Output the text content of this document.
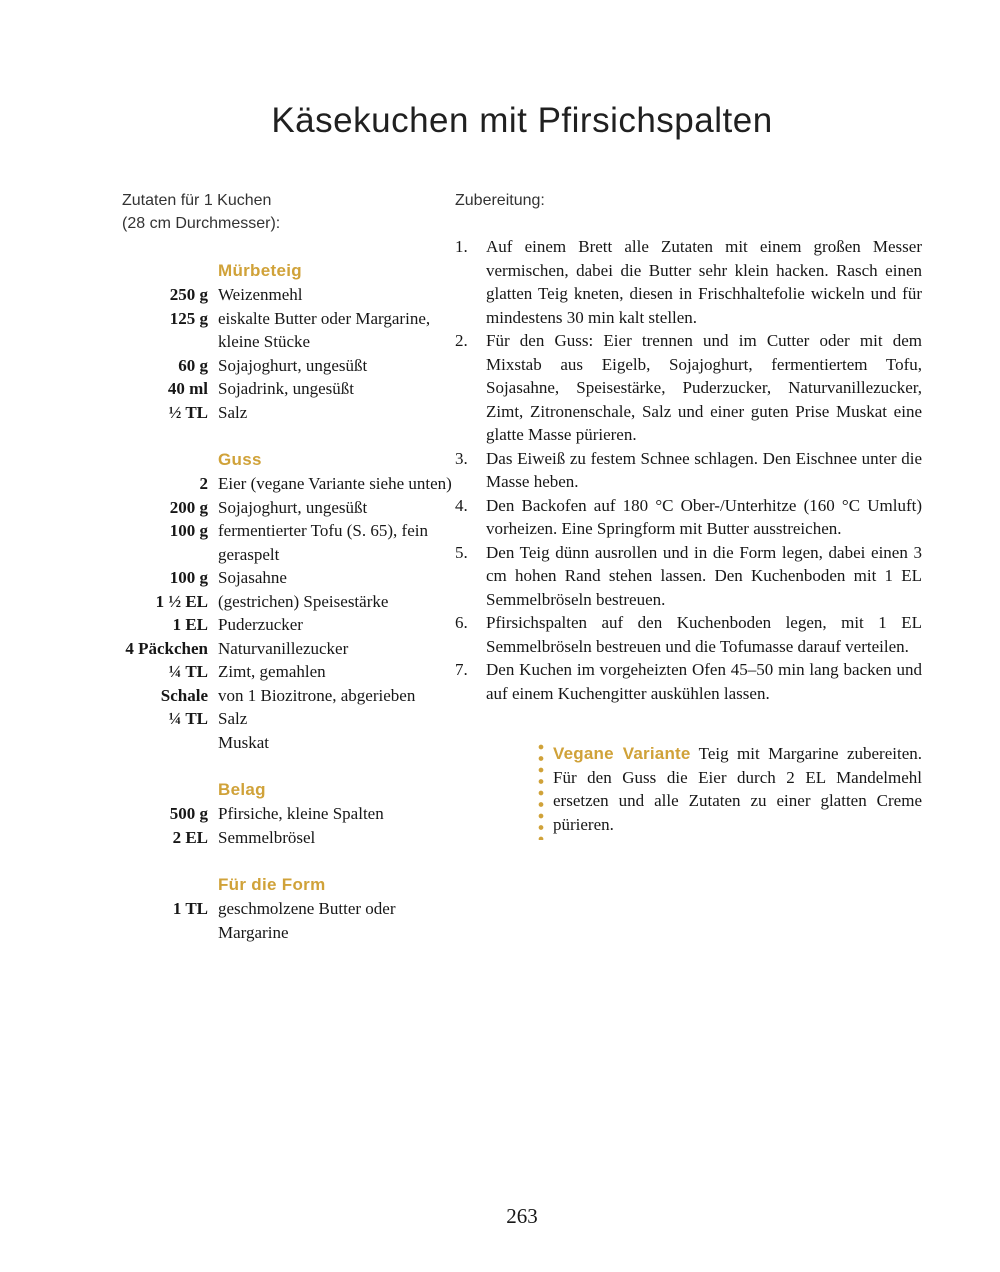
Käsekuchen mit Pfirsichspalten
Zutaten für 1 Kuchen
(28 cm Durchmesser):
Mürbeteig
250 g Weizenmehl
125 g eiskalte Butter oder Margarine, kleine Stücke
60 g Sojajoghurt, ungesüßt
40 ml Sojadrink, ungesüßt
½ TL Salz
Guss
2 Eier (vegane Variante siehe unten)
200 g Sojajoghurt, ungesüßt
100 g fermentierter Tofu (S. 65), fein geraspelt
100 g Sojasahne
1 ½ EL (gestrichen) Speisestärke
1 EL Puderzucker
4 Päckchen Naturvanillezucker
¼ TL Zimt, gemahlen
Schale von 1 Biozitrone, abgerieben
¼ TL Salz
Muskat
Belag
500 g Pfirsiche, kleine Spalten
2 EL Semmelbrösel
Für die Form
1 TL geschmolzene Butter oder Margarine
Zubereitung:
1.	Auf einem Brett alle Zutaten mit einem großen Messer vermischen, dabei die Butter sehr klein hacken. Rasch einen glatten Teig kneten, diesen in Frischhaltefolie wickeln und für mindestens 30 min kalt stellen.
2.	Für den Guss: Eier trennen und im Cutter oder mit dem Mixstab aus Eigelb, Sojajoghurt, fermentiertem Tofu, Sojasahne, Speisestärke, Puderzucker, Naturvanillezucker, Zimt, Zitronenschale, Salz und einer guten Prise Muskat eine glatte Masse pürieren.
3.	Das Eiweiß zu festem Schnee schlagen. Den Eischnee unter die Masse heben.
4.	Den Backofen auf 180 °C Ober-/Unterhitze (160 °C Umluft) vorheizen. Eine Springform mit Butter ausstreichen.
5.	Den Teig dünn ausrollen und in die Form legen, dabei einen 3 cm hohen Rand stehen lassen. Den Kuchenboden mit 1 EL Semmelbröseln bestreuen.
6.	Pfirsichspalten auf den Kuchenboden legen, mit 1 EL Semmelbröseln bestreuen und die Tofumasse darauf verteilen.
7.	Den Kuchen im vorgeheizten Ofen 45–50 min lang backen und auf einem Kuchengitter auskühlen lassen.
Vegane Variante Teig mit Margarine zubereiten. Für den Guss die Eier durch 2 EL Mandelmehl ersetzen und alle Zutaten zu einer glatten Creme pürieren.
263
